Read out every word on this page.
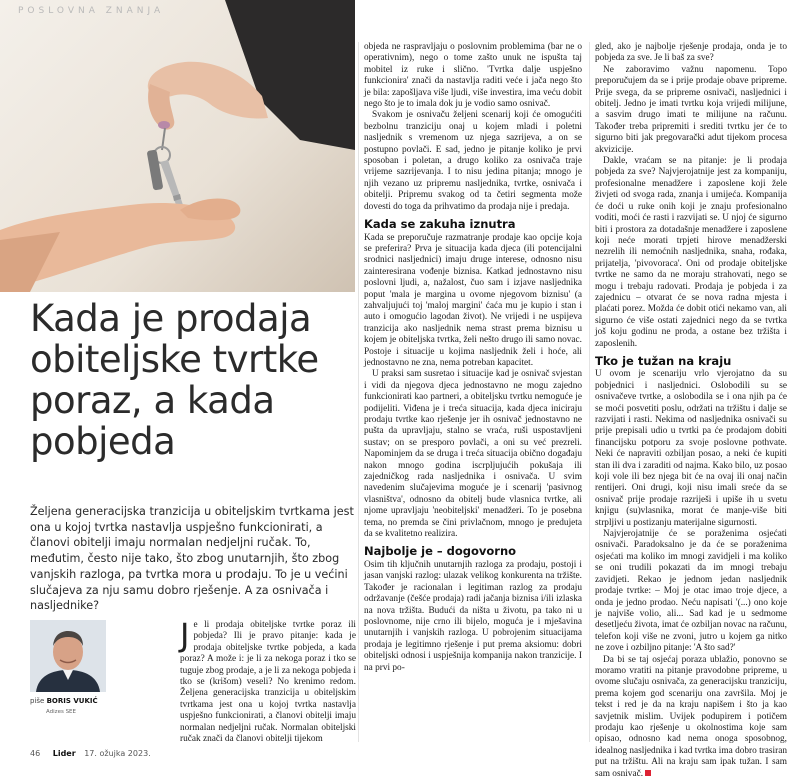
POSLOVNA ZNANJA
Kada je prodaja obiteljske tvrtke poraz, a kada pobjeda

Željena generacijska tranzicija u obiteljskim tvrtkama jest ona u kojoj tvrtka nastavlja uspješno funkcionirati, a članovi obitelji imaju normalan nedjeljni ručak. To, međutim, često nije tako, što zbog unutarnjih, što zbog vanjskih razloga, pa tvrtka mora u prodaju. To je u većini slučajeva za nju samu dobro rješenje. A za osnivača i nasljednike?

piše BORIS VUKIĆ
Adizes SEE

Je li prodaja obiteljske tvrtke poraz ili pobjeda? Ili je pravo pitanje: kada je prodaja obiteljske tvrtke pobjeda, a kada poraz? A može i: je li za nekoga poraz i tko se tuguje zbog prodaje, a je li za nekoga pobjeda i tko se (krišom) veseli? No krenimo redom. Željena generacijska tranzicija u obiteljskim tvrtkama jest ona u kojoj tvrtka nastavlja uspješno funkcionirati, a članovi obitelji imaju normalan nedjeljni ručak. Normalan obiteljski ručak znači da članovi obitelji tijekom

objeda ne raspravljaju o poslovnim problemima (bar ne o operativnim), nego o tome zašto unuk ne ispušta taj mobitel iz ruke i slično. 'Tvrtka dalje uspješno funkcionira' znači da nastavlja raditi veće i jača nego što je bila: zapošljava više ljudi, više investira, ima veću dobit nego što je to imala dok ju je vodio samo osnivač.

Svakom je osnivaču željeni scenarij koji će omogućiti bezbolnu tranziciju onaj u kojem mladi i poletni nasljednik s vremenom uz njega sazrijeva, a on se postupno povlači. E sad, jedno je pitanje koliko je prvi sposoban i poletan, a drugo koliko za osnivača traje vrijeme sazrijevanja. I to nisu jedina pitanja; mnogo je njih vezano uz pripremu nasljednika, tvrtke, osnivača i obitelji. Pripremu svakog od ta četiri segmenta može dovesti do toga da prihvatimo da prodaja nije i predaja.

Kada se zakuha iznutra

Kada se preporučuje razmatranje prodaje kao opcije koja se preferira? Prva je situacija kada djeca (ili potencijalni srodnici nasljednici) imaju druge interese, odnosno nisu zainteresirana vođenje biznisa. Katkad jednostavno nisu poslovni ljudi, a, nažalost, čuo sam i izjave nasljednika poput 'mala je margina u ovome njegovom biznisu' (a zahvaljujući toj 'maloj margini' ćaća mu je kupio i stan i auto i omogućio lagodan život). Ne vrijedi i ne uspijeva tranzicija ako nasljednik nema strast prema biznisu u kojem je obiteljska tvrtka, želi nešto drugo ili samo novac. Postoje i situacije u kojima nasljednik želi i hoće, ali jednostavno ne zna, nema potreban kapacitet.

U praksi sam susretao i situacije kad je osnivač svjestan i vidi da njegova djeca jednostavno ne mogu zajedno funkcionirati kao partneri, a obiteljsku tvrtku nemoguće je podijeliti. Viđena je i treća situacija, kada djeca iniciraju prodaju tvrtke kao rješenje jer ih osnivač jednostavno ne pušta da upravljaju, stalno se vraća, ruši uspostavljeni sustav; on se presporo povlači, a oni su već prezreli. Napominjem da se druga i treća situacija obično događaju nakon mnogo godina iscrpljujućih pokušaja ili zajedničkog rada nasljednika i osnivača. U svim navedenim slučajevima moguće je i scenarij 'pasivnog vlasništva', odnosno da obitelj bude vlasnica tvrtke, ali njome upravljaju 'neobiteljski' menadžeri. To je posebna tema, no premda se čini privlačnom, mnogo je predujeta da se kvalitetno realizira.

Najbolje je – dogovorno

Osim tih ključnih unutarnjih razloga za prodaju, postoji i jasan vanjski razlog: ulazak velikog konkurenta na tržište. Također je racionalan i legitiman razlog za prodaju održavanje (češće prodaja) radi jačanja biznisa i/ili izlaska na nova tržišta. Budući da ništa u životu, pa tako ni u poslovnome, nije crno ili bijelo, moguća je i mješavina unutarnjih i vanjskih razloga. U pobrojenim situacijama prodaja je legitimno rješenje i put prema aksiomu: dobri obiteljski odnosi i uspješnija kompanija nakon tranzicije. I na prvi po-

gled, ako je najbolje rješenje prodaja, onda je to pobjeda za sve. Je li baš za sve?

Ne zaboravimo važnu napomenu. Topo preporučujem da se i prije prodaje obave pripreme. Prije svega, da se pripreme osnivači, nasljednici i obitelj. Jedno je imati tvrtku koja vrijedi milijune, a sasvim drugo imati te milijune na računu. Također treba pripremiti i srediti tvrtku jer će to sigurno biti jak pregovarački adut tijekom procesa akvizicije.

Dakle, vraćam se na pitanje: je li prodaja pobjeda za sve? Najvjerojatnije jest za kompaniju, profesionalne menadžere i zaposlene koji žele živjeti od svoga rada, znanja i umijeća. Kompanija će doći u ruke onih koji je znaju profesionalno voditi, moći će rasti i razvijati se. U njoj će sigurno biti i prostora za dotadašnje menadžere i zaposlene koji neće morati trpjeti hirove menadžerski nezrelih ili nemoćnih nasljednika, snaha, rođaka, prijatelja, 'pivovoraca'. Oni od prodaje obiteljske tvrtke ne samo da ne moraju strahovati, nego se mogu i trebaju radovati. Prodaja je pobjeda i za zajednicu – otvarat će se nova radna mjesta i plaćati porez. Možda će dobit otići nekamo van, ali sigurno će više ostati zajednici nego da se tvrtka još koju godinu ne proda, a ostane bez tržišta i zaposlenih.

Tko je tužan na kraju

U ovom je scenariju vrlo vjerojatno da su pobjednici i nasljednici. Oslobodili su se osnivačeve tvrtke, a oslobodila se i ona njih pa će se moći posvetiti poslu, održati na tržištu i dalje se razvijati i rasti. Nekima od nasljednika osnivači su prije prepisali udio u tvrtki pa će prodajom dobiti financijsku potporu za svoje poslovne pothvate. Neki će napraviti ozbiljan posao, a neki će kupiti stan ili dva i zaraditi od najma. Kako bilo, uz posao koji vole ili bez njega bit će na ovaj ili onaj način rentijeri. Oni drugi, koji nisu imali sreće da se osnivač prije prodaje razriješi i upiše ih u svetu knjigu (su)vlasnika, morat će manje-više biti strpljivi u postizanju materijalne sigurnosti.

Najvjerojatnije će se poraženima osjećati osnivači. Paradoksalno je da će se poraženima osjećati ma koliko im mnogi zavidjeli i ma koliko se oni trudili pokazati da im mnogi trebaju zavidjeti. Rekao je jednom jedan nasljednik prodaje tvrtke: – Moj je otac imao troje djece, a onda je jedno prodao. Neću napisati '(...) ono koje je najviše volio, ali... Sad kad je u sedmome desetljeću života, imat će ozbiljan novac na računu, telefon koji više ne zvoni, jutro u kojem ga nitko ne zove i ozbiljno pitanje: 'A što sad?'

Da bi se taj osjećaj poraza ublažio, ponovno se moramo vratiti na pitanje pravodobne pripreme, u ovome slučaju osnivača, za generacijsku tranziciju, prema kojem god scenariju ona završila. Moj je tekst i red je da na kraju napišem i što ja kao savjetnik mislim. Uvijek podupirem i potičem prodaju kao rješenje u okolnostima koje sam opisao, odnosno kad nema onoga sposobnog, idealnog nasljednika i kad tvrtka ima dobro trasiran put na tržištu. Ali na kraju sam ipak tužan. I sam sam osnivač.

46 Lider 17. ožujka 2023.
